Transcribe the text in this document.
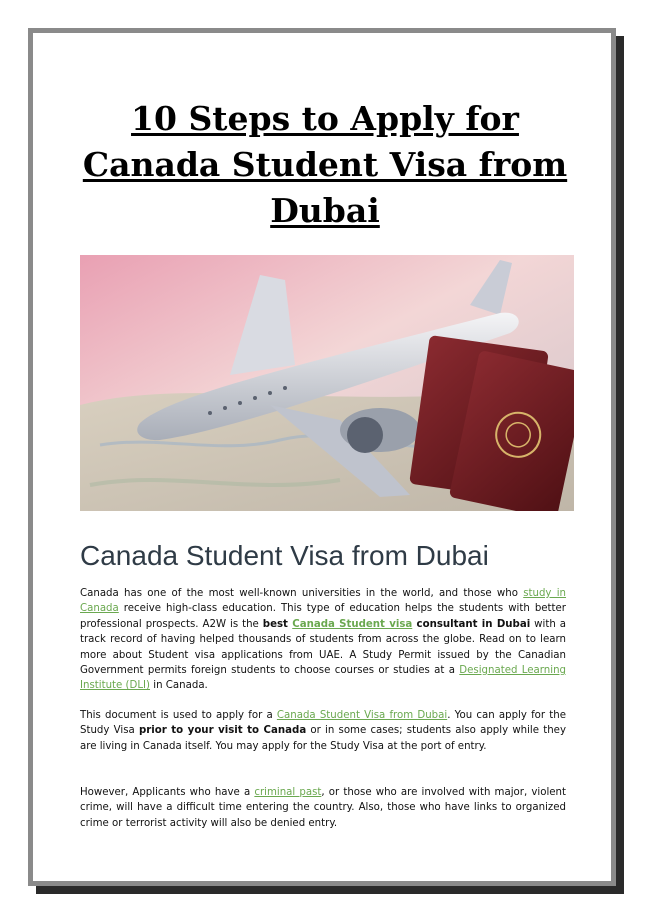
10 Steps to Apply for Canada Student Visa from Dubai
Canada Student Visa from Dubai

Canada has one of the most well-known universities in the world, and those who study in Canada receive high-class education. This type of education helps the students with better professional prospects. A2W is the best Canada Student visa consultant in Dubai with a track record of having helped thousands of students from across the globe. Read on to learn more about Student visa applications from UAE. A Study Permit issued by the Canadian Government permits foreign students to choose courses or studies at a Designated Learning Institute (DLI) in Canada.

This document is used to apply for a Canada Student Visa from Dubai. You can apply for the Study Visa prior to your visit to Canada or in some cases; students also apply while they are living in Canada itself. You may apply for the Study Visa at the port of entry.

However, Applicants who have a criminal past, or those who are involved with major, violent crime, will have a difficult time entering the country. Also, those who have links to organized crime or terrorist activity will also be denied entry.
